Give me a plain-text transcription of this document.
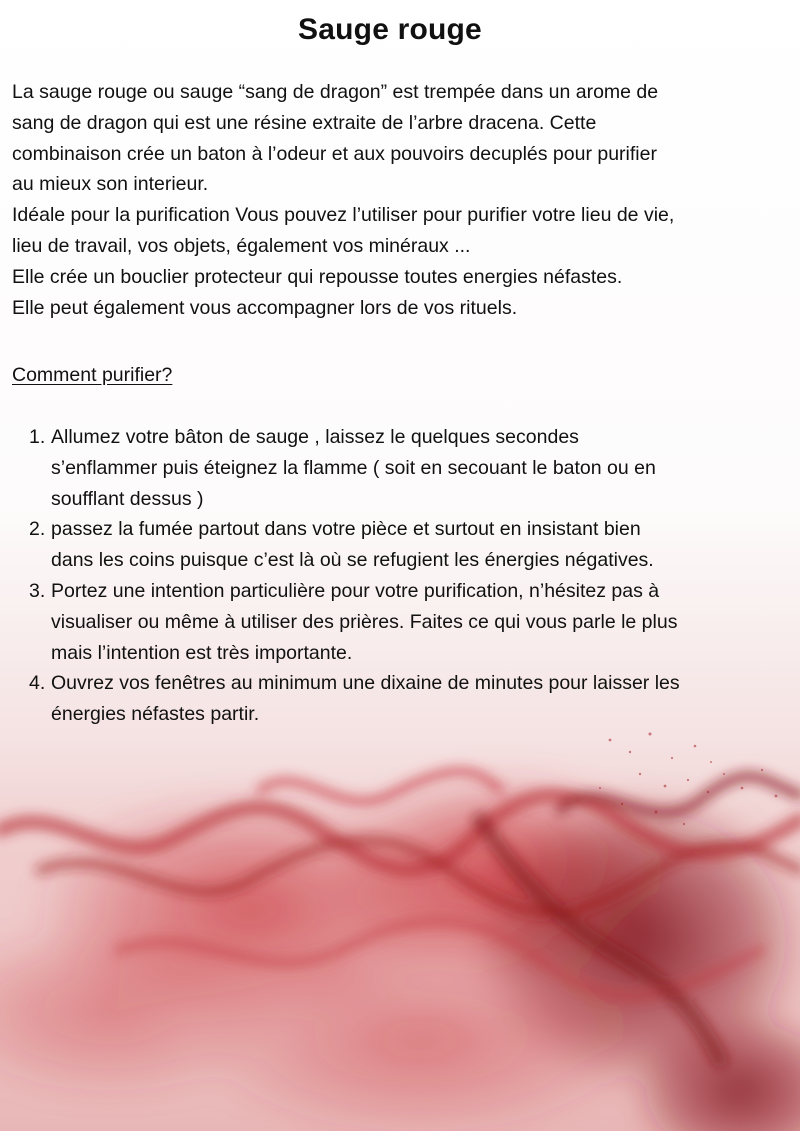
Sauge rouge

La sauge rouge ou sauge “sang de dragon” est trempée dans un arome de

sang de dragon qui est une résine extraite de l’arbre dracena. Cette

combinaison crée un baton à l’odeur et aux pouvoirs decuplés pour purifier

au mieux son interieur.

Idéale pour la purification Vous pouvez l’utiliser pour purifier votre lieu de vie,

lieu de travail, vos objets, également vos minéraux ...

Elle crée un bouclier protecteur qui repousse toutes energies néfastes.

Elle peut également vous accompagner lors de vos rituels.

Comment purifier?
1. Allumez votre bâton de sauge , laissez le quelques secondes
s’enflammer puis éteignez la flamme ( soit en secouant le baton ou en
soufflant dessus )
2. passez la fumée partout dans votre pièce et surtout en insistant bien
dans les coins puisque c’est là où se refugient les énergies négatives.
3. Portez une intention particulière pour votre purification, n’hésitez pas à
visualiser ou même à utiliser des prières. Faites ce qui vous parle le plus
mais l’intention est très importante.
4. Ouvrez vos fenêtres au minimum une dixaine de minutes pour laisser les
énergies néfastes partir.
